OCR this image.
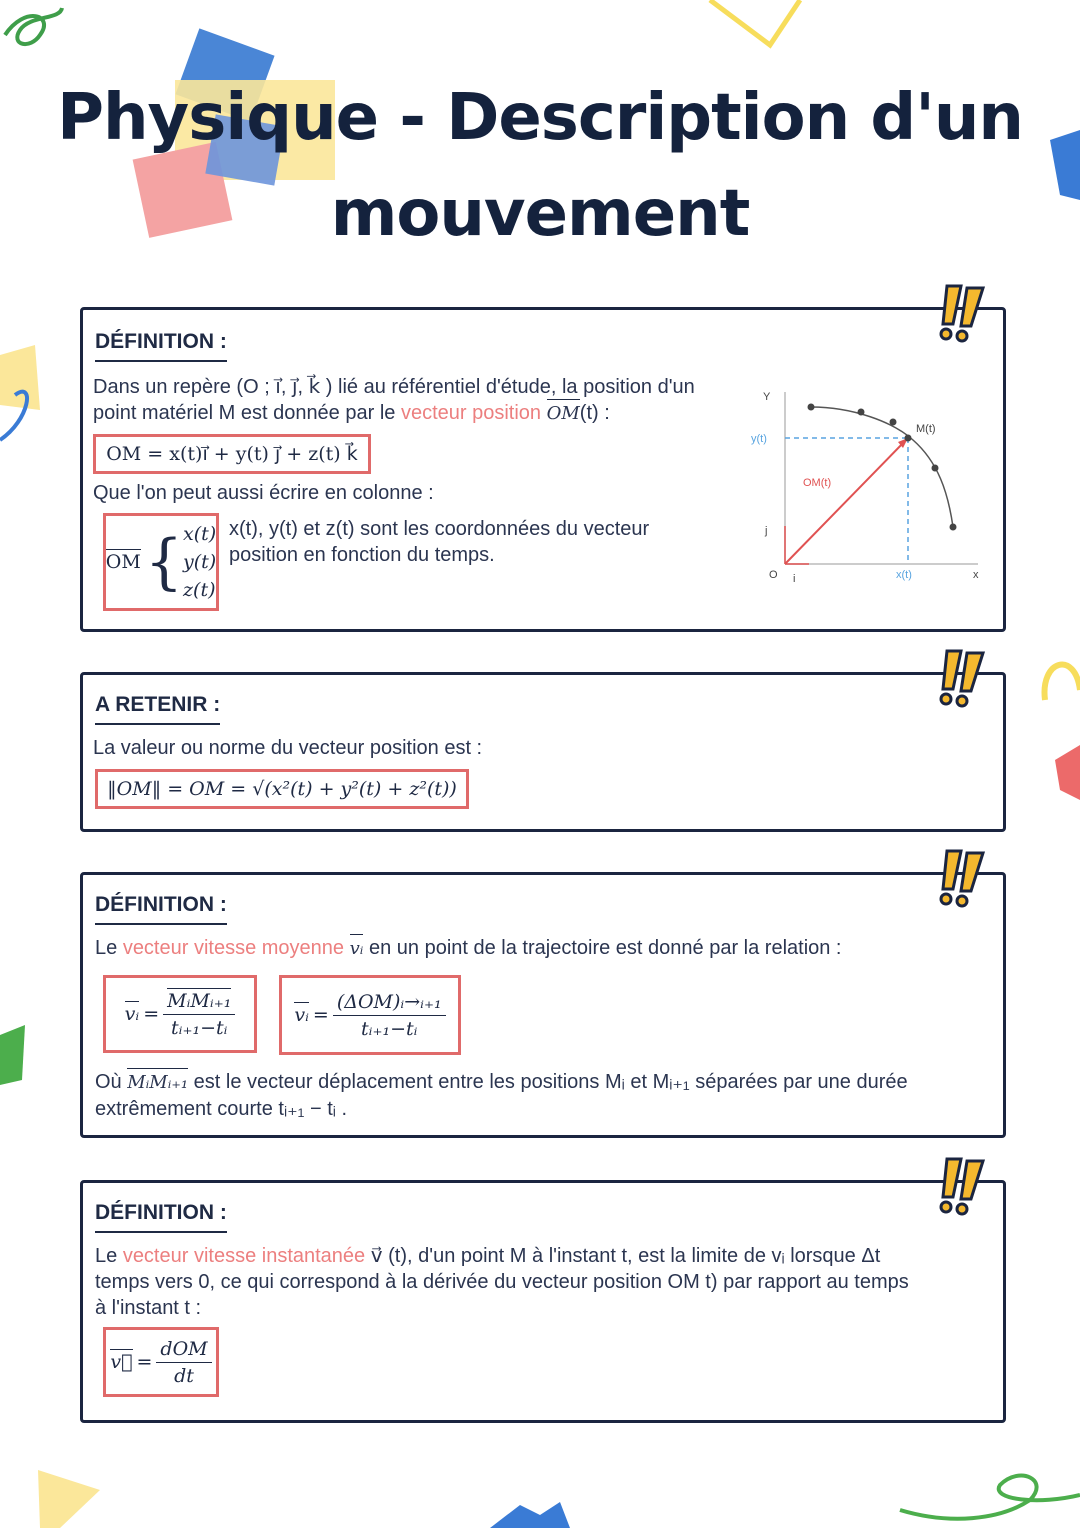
Physique - Description d'un
mouvement
DÉFINITION :
Dans un repère (O ; ı⃗, ȷ⃗, k⃗ ) lié au référentiel d'étude, la position d'un
point matériel M est donnée par le vecteur position OM(t) :
OM = x(t)ı⃗ + y(t) ȷ⃗ + z(t) k⃗
Que l'on peut aussi écrire en colonne :
OM { x(t)
y(t)
z(t)
x(t), y(t) et z(t) sont les coordonnées du vecteur
position en fonction du temps.
Y
x
O
y(t)
x(t)
M(t)
OM(t)
j
i
A RETENIR :
La valeur ou norme du vecteur position est :
‖OM‖ = OM = √(x²(t) + y²(t) + z²(t))
DÉFINITION :
Le vecteur vitesse moyenne vᵢ en un point de la trajectoire est donné par la relation :
vᵢ = $\frac{\text{MᵢMᵢ₊₁}}{\text{tᵢ₊₁−tᵢ}}$	vᵢ = $\frac{\text{(ΔOM)ᵢ→ᵢ₊₁}}{\text{tᵢ₊₁−tᵢ}}$
Où MᵢMᵢ₊₁ est le vecteur déplacement entre les positions Mᵢ et Mᵢ₊₁ séparées par une durée
extrêmement courte tᵢ₊₁ − tᵢ .
DÉFINITION :
Le vecteur vitesse instantanée v⃗ (t), d'un point M à l'instant t, est la limite de vᵢ lorsque Δt
temps vers 0, ce qui correspond à la dérivée du vecteur position OM t) par rapport au temps
à l'instant t :
v⃗ = $\frac{\text{dOM}}{dt}$
